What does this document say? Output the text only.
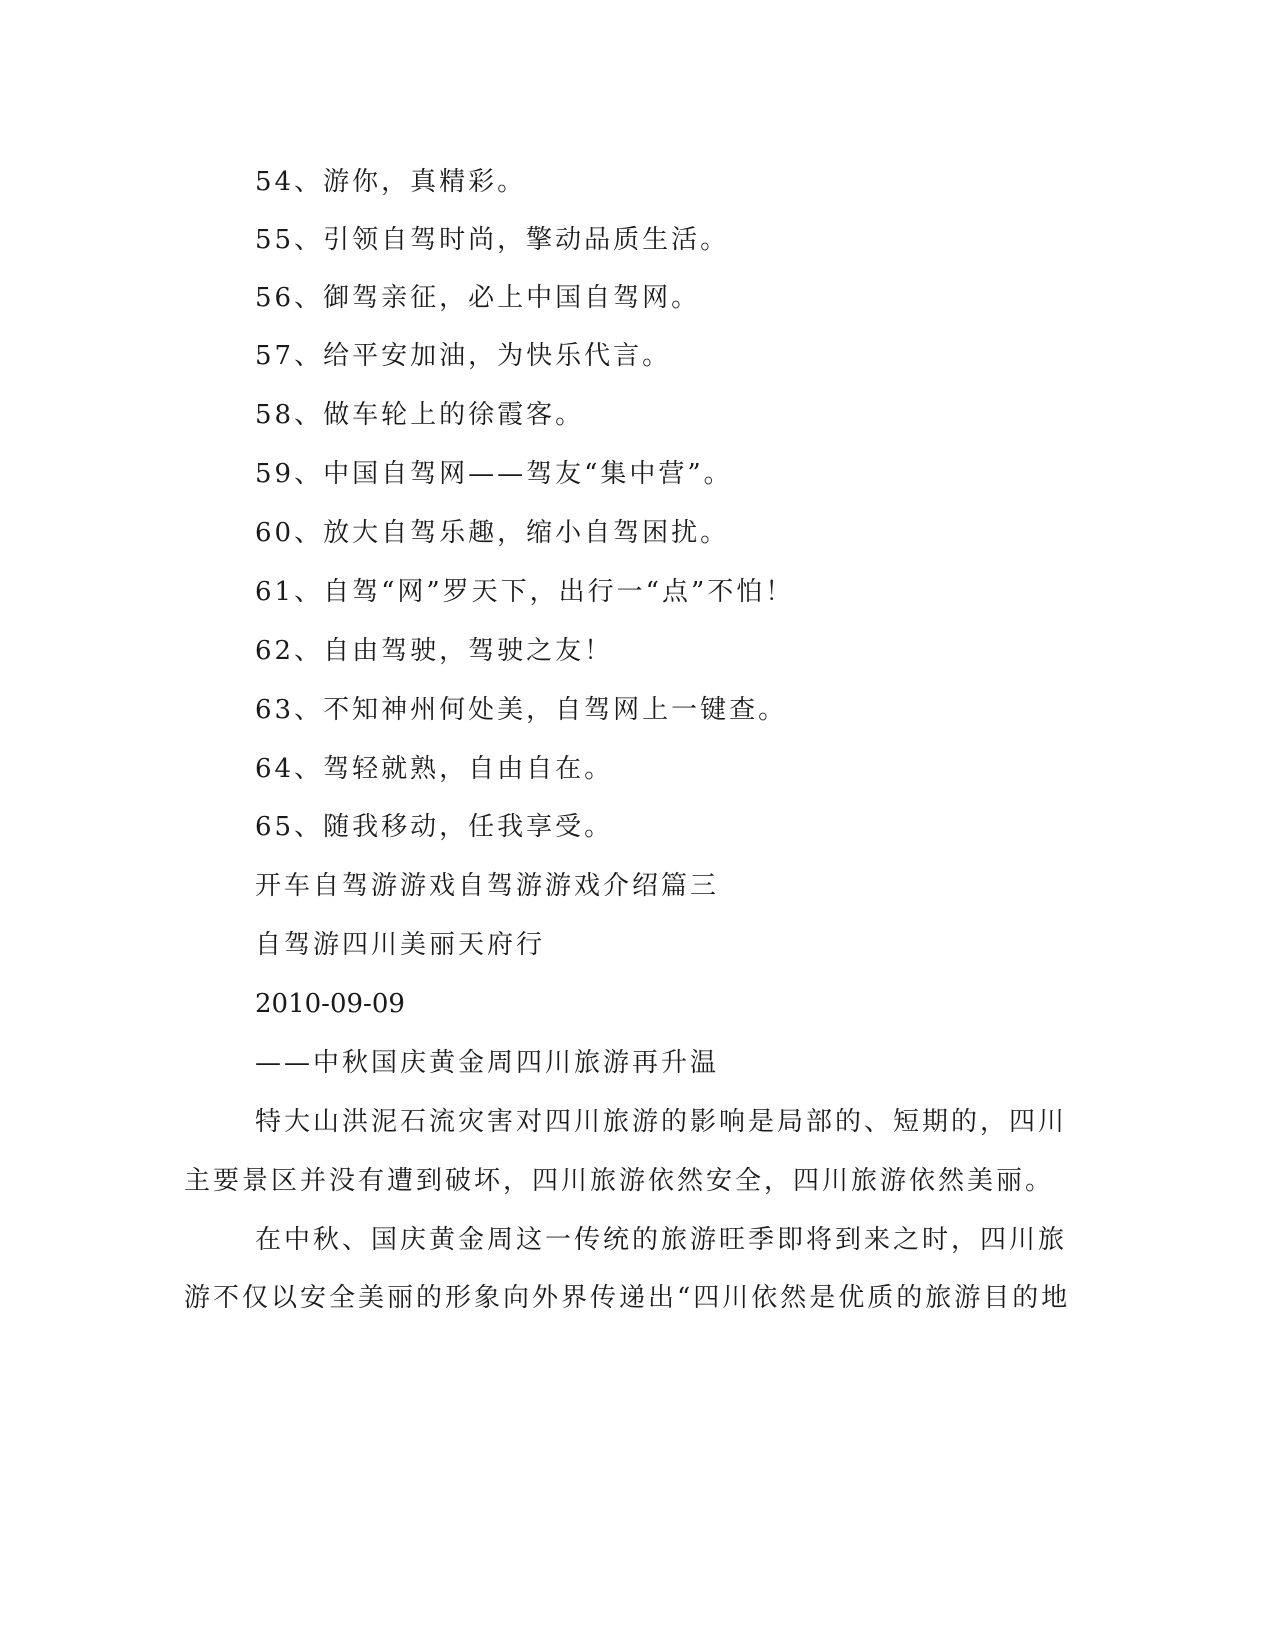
54、游你，真精彩。
55、引领自驾时尚，擎动品质生活。
56、御驾亲征，必上中国自驾网。
57、给平安加油，为快乐代言。
58、做车轮上的徐霞客。
59、中国自驾网——驾友“集中营”。
60、放大自驾乐趣，缩小自驾困扰。
61、自驾“网”罗天下，出行一“点”不怕！
62、自由驾驶，驾驶之友！
63、不知神州何处美，自驾网上一键查。
64、驾轻就熟，自由自在。
65、随我移动，任我享受。
开车自驾游游戏自驾游游戏介绍篇三
自驾游四川美丽天府行
2010-09-09
——中秋国庆黄金周四川旅游再升温
特大山洪泥石流灾害对四川旅游的影响是局部的、短期的，四川
主要景区并没有遭到破坏，四川旅游依然安全，四川旅游依然美丽。
在中秋、国庆黄金周这一传统的旅游旺季即将到来之时，四川旅
游不仅以安全美丽的形象向外界传递出“四川依然是优质的旅游目的地
